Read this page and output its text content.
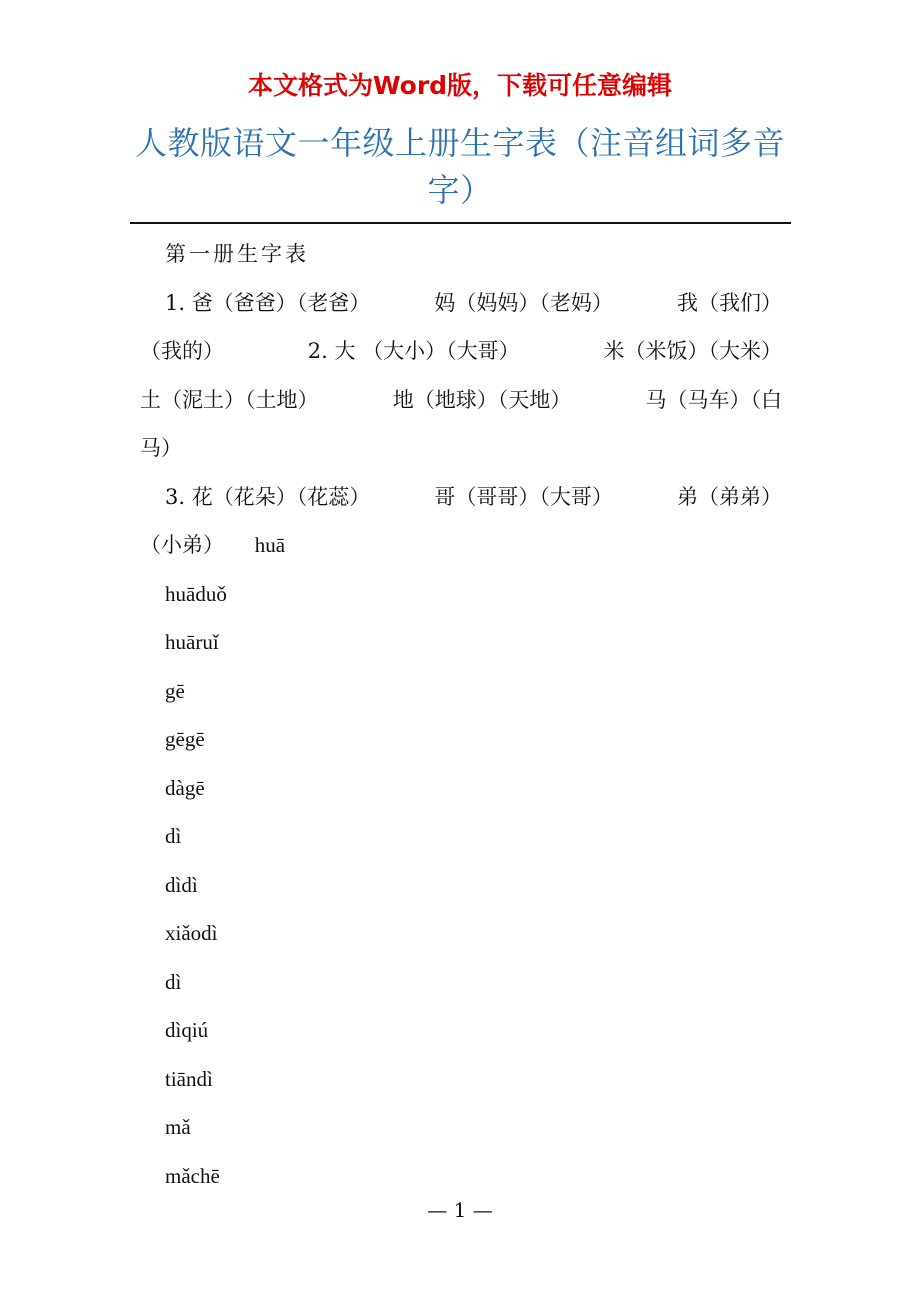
本文格式为Word版，下载可任意编辑
人教版语文一年级上册生字表（注音组词多音字）
第一册生字表
1. 爸（爸爸）（老爸）	妈（妈妈）（老妈）	我（我们）
（我的）	2. 大 （大小）（大哥）	米（米饭）（大米）
土（泥土）（土地）	地（地球）（天地）	马（马车）（白
马）
3. 花（花朵）（花蕊）	哥（哥哥）（大哥）	弟（弟弟）
（小弟） huā
huāduǒ
huāruǐ
gē
gēgē
dàgē
dì
dìdì
xiǎodì
dì
dìqiú
tiāndì
mǎ
mǎchē
— 1 —
